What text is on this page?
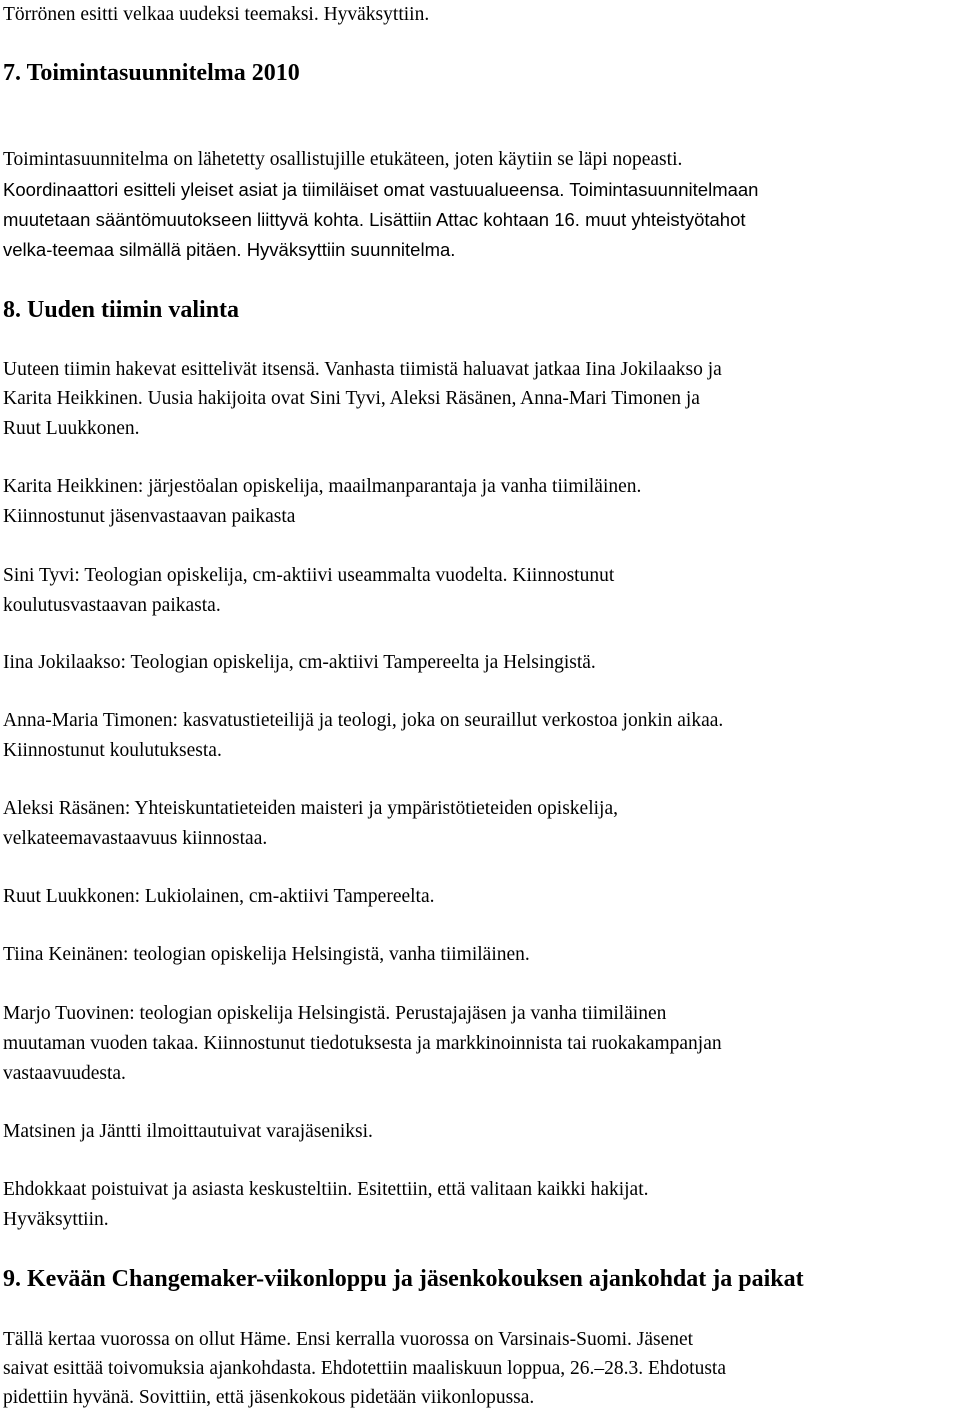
Törrönen esitti velkaa uudeksi teemaksi. Hyväksyttiin.
7. Toimintasuunnitelma 2010
Toimintasuunnitelma on lähetetty osallistujille etukäteen, joten käytiin se läpi nopeasti.
Koordinaattori esitteli yleiset asiat ja tiimiläiset omat vastuualueensa. Toimintasuunnitelmaan
muutetaan sääntömuutokseen liittyvä kohta. Lisättiin Attac kohtaan 16. muut yhteistyötahot
velka-teemaa silmällä pitäen. Hyväksyttiin suunnitelma.
8. Uuden tiimin valinta
Uuteen tiimin hakevat esittelivät itsensä. Vanhasta tiimistä haluavat jatkaa Iina Jokilaakso ja
Karita Heikkinen. Uusia hakijoita ovat Sini Tyvi, Aleksi Räsänen, Anna-Mari Timonen ja
Ruut Luukkonen.
Karita Heikkinen: järjestöalan opiskelija, maailmanparantaja ja vanha tiimiläinen.
Kiinnostunut jäsenvastaavan paikasta
Sini Tyvi: Teologian opiskelija, cm-aktiivi useammalta vuodelta. Kiinnostunut
koulutusvastaavan paikasta.
Iina Jokilaakso: Teologian opiskelija, cm-aktiivi Tampereelta ja Helsingistä.
Anna-Maria Timonen: kasvatustieteilijä ja teologi, joka on seuraillut verkostoa jonkin aikaa.
Kiinnostunut koulutuksesta.
Aleksi Räsänen: Yhteiskuntatieteiden maisteri ja ympäristötieteiden opiskelija,
velkateemavastaavuus kiinnostaa.
Ruut Luukkonen: Lukiolainen, cm-aktiivi Tampereelta.
Tiina Keinänen: teologian opiskelija Helsingistä, vanha tiimiläinen.
Marjo Tuovinen: teologian opiskelija Helsingistä. Perustajajäsen ja vanha tiimiläinen
muutaman vuoden takaa. Kiinnostunut tiedotuksesta ja markkinoinnista tai ruokakampanjan
vastaavuudesta.
Matsinen ja Jäntti ilmoittautuivat varajäseniksi.
Ehdokkaat poistuivat ja asiasta keskusteltiin. Esitettiin, että valitaan kaikki hakijat.
Hyväksyttiin.
9. Kevään Changemaker-viikonloppu ja jäsenkokouksen ajankohdat ja paikat
Tällä kertaa vuorossa on ollut Häme. Ensi kerralla vuorossa on Varsinais-Suomi. Jäsenet
saivat esittää toivomuksia ajankohdasta. Ehdotettiin maaliskuun loppua, 26.–28.3. Ehdotusta
pidettiin hyvänä. Sovittiin, että jäsenkokous pidetään viikonlopussa.
